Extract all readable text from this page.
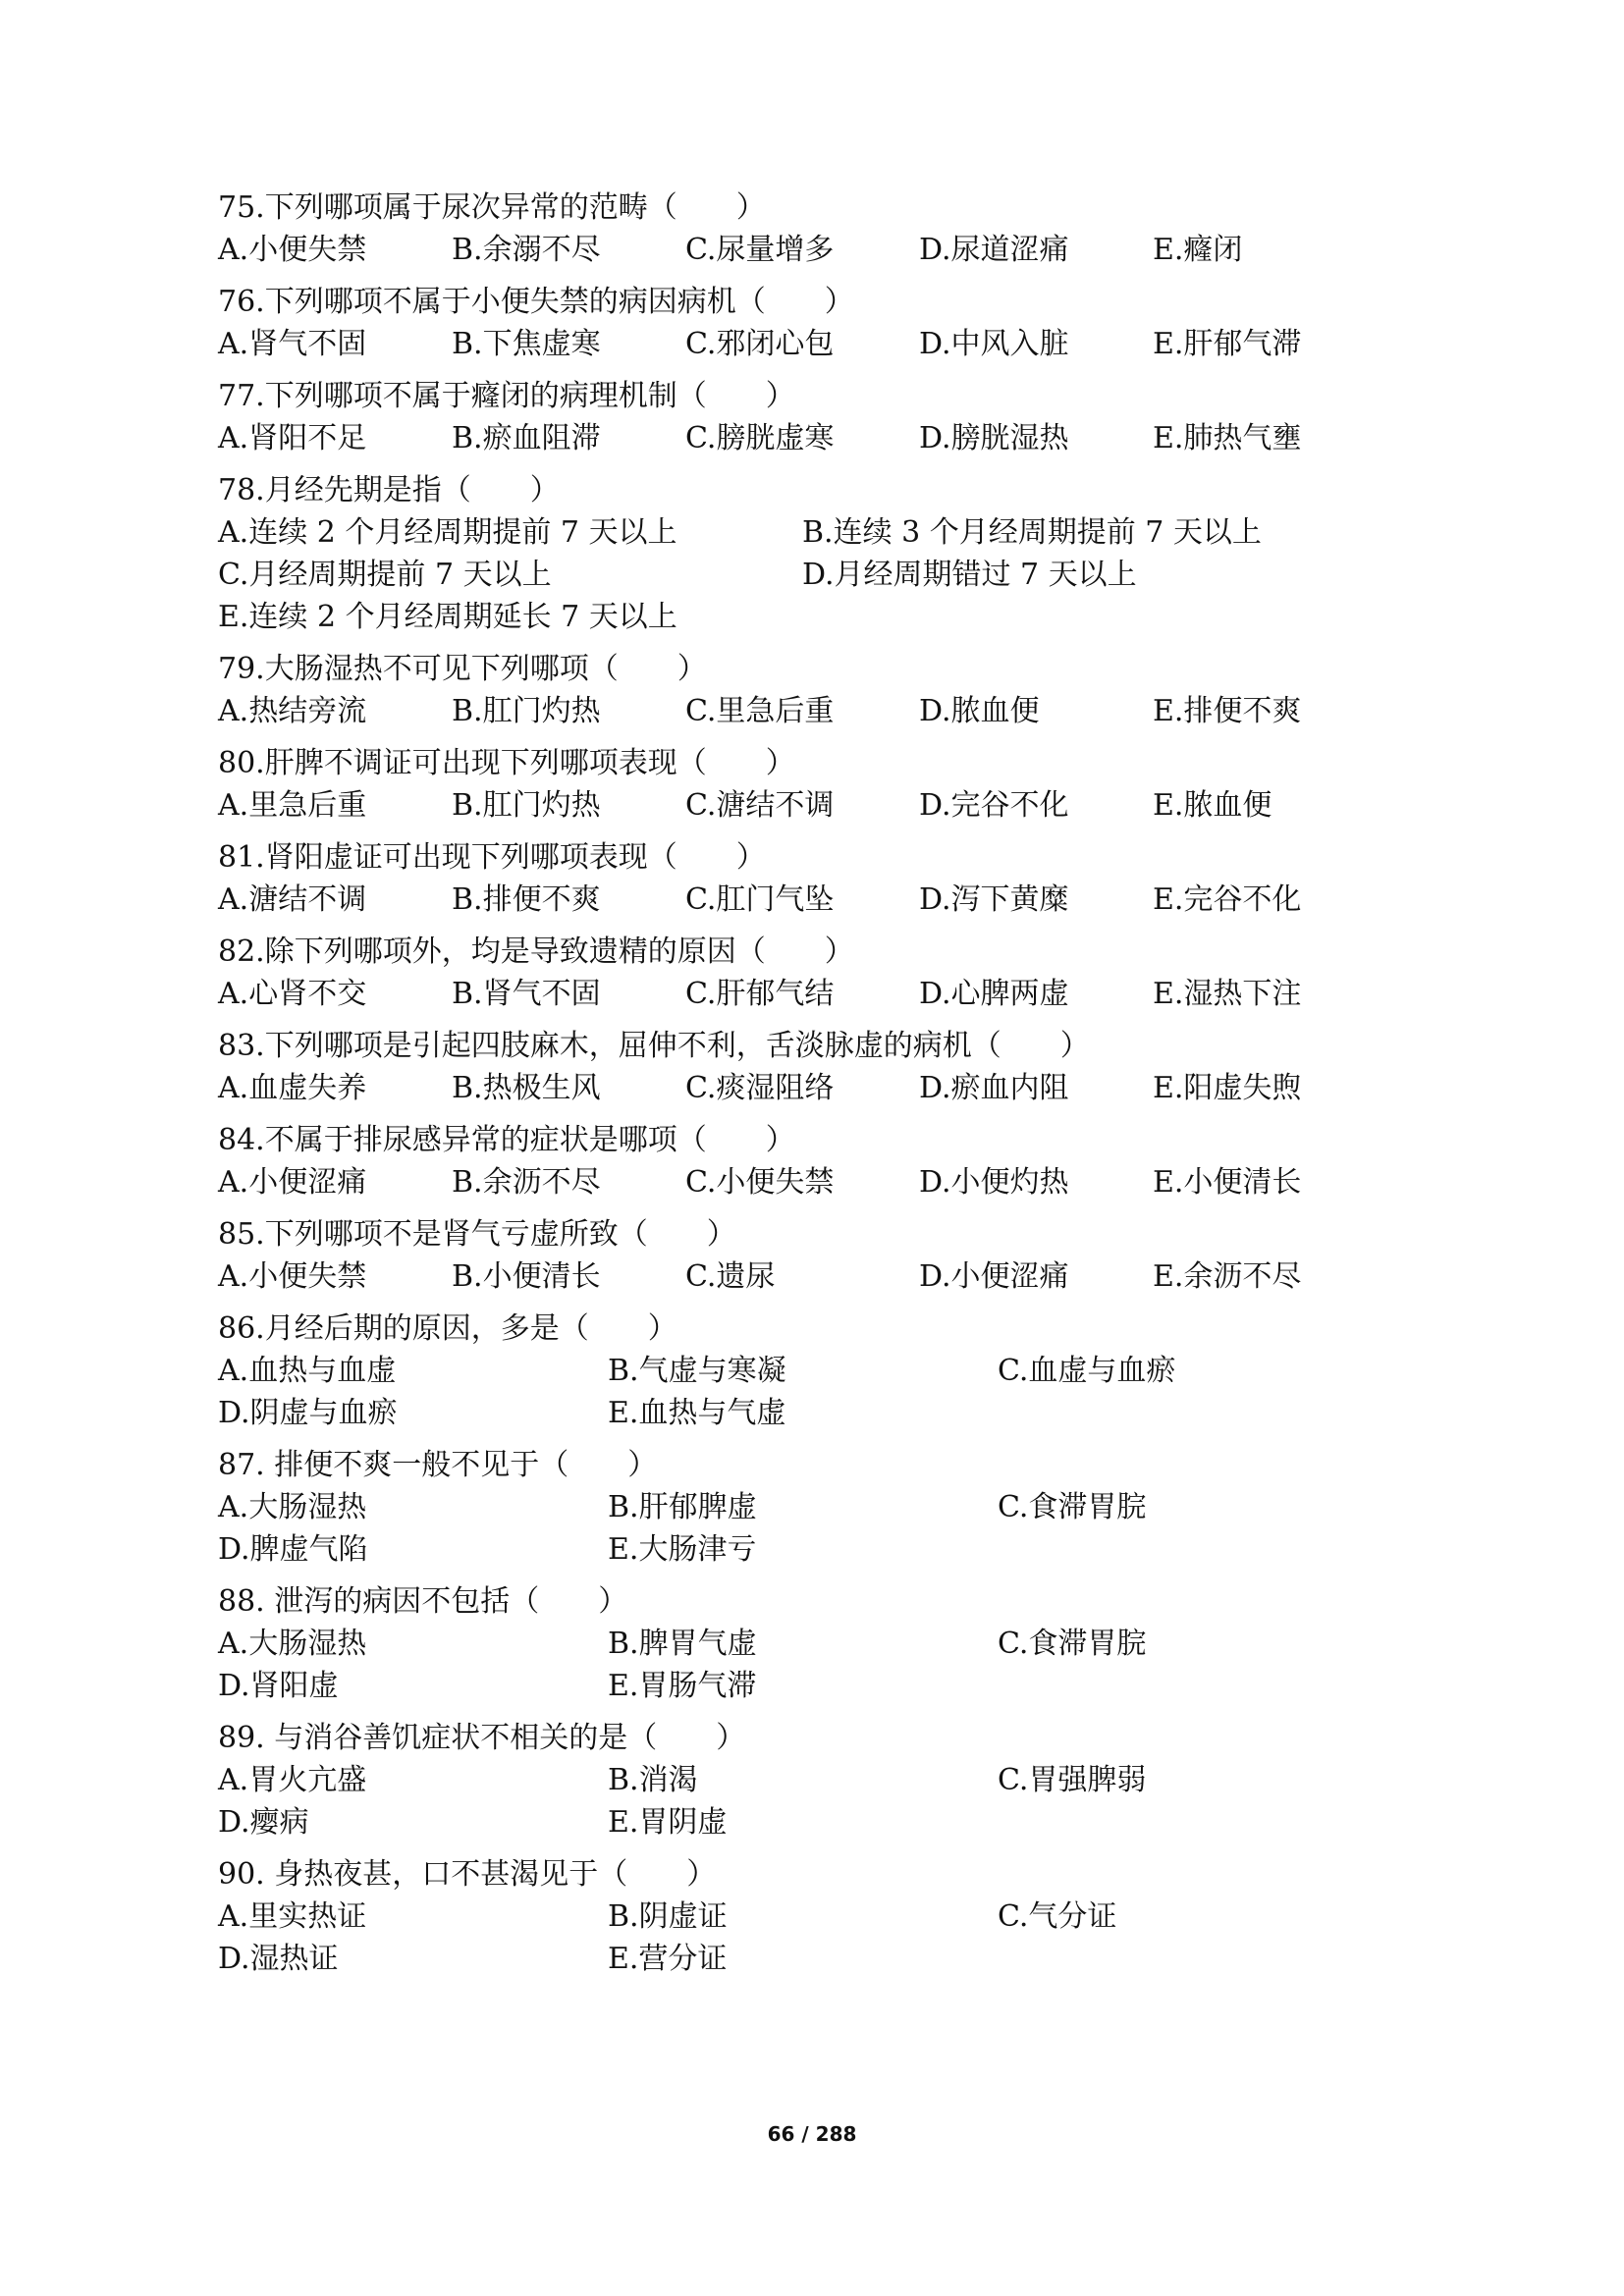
75.下列哪项属于尿次异常的范畴（　　）
A.小便失禁	B.余溺不尽	C.尿量增多	D.尿道涩痛	E.癃闭
76.下列哪项不属于小便失禁的病因病机（　　）
A.肾气不固	B.下焦虚寒	C.邪闭心包	D.中风入脏	E.肝郁气滞
77.下列哪项不属于癃闭的病理机制（　　）
A.肾阳不足	B.瘀血阻滞	C.膀胱虚寒	D.膀胱湿热	E.肺热气壅
78.月经先期是指（　　）
A.连续 2 个月经周期提前 7 天以上	B.连续 3 个月经周期提前 7 天以上
C.月经周期提前 7 天以上	D.月经周期错过 7 天以上
E.连续 2 个月经周期延长 7 天以上
79.大肠湿热不可见下列哪项（　　）
A.热结旁流	B.肛门灼热	C.里急后重	D.脓血便	E.排便不爽
80.肝脾不调证可出现下列哪项表现（　　）
A.里急后重	B.肛门灼热	C.溏结不调	D.完谷不化	E.脓血便
81.肾阳虚证可出现下列哪项表现（　　）
A.溏结不调	B.排便不爽	C.肛门气坠	D.泻下黄糜	E.完谷不化
82.除下列哪项外，均是导致遗精的原因（　　）
A.心肾不交	B.肾气不固	C.肝郁气结	D.心脾两虚	E.湿热下注
83.下列哪项是引起四肢麻木，屈伸不利，舌淡脉虚的病机（　　）
A.血虚失养	B.热极生风	C.痰湿阻络	D.瘀血内阻	E.阳虚失煦
84.不属于排尿感异常的症状是哪项（　　）
A.小便涩痛	B.余沥不尽	C.小便失禁	D.小便灼热	E.小便清长
85.下列哪项不是肾气亏虚所致（　　）
A.小便失禁	B.小便清长	C.遗尿	D.小便涩痛	E.余沥不尽
86.月经后期的原因，多是（　　）
A.血热与血虚	B.气虚与寒凝	C.血虚与血瘀
D.阴虚与血瘀	E.血热与气虚
87. 排便不爽一般不见于（　　）
A.大肠湿热	B.肝郁脾虚	C.食滞胃脘
D.脾虚气陷	E.大肠津亏
88. 泄泻的病因不包括（　　）
A.大肠湿热	B.脾胃气虚	C.食滞胃脘
D.肾阳虚	E.胃肠气滞
89. 与消谷善饥症状不相关的是（　　）
A.胃火亢盛	B.消渴	C.胃强脾弱
D.瘿病	E.胃阴虚
90. 身热夜甚，口不甚渴见于（　　）
A.里实热证	B.阴虚证	C.气分证
D.湿热证	E.营分证
66 / 288
